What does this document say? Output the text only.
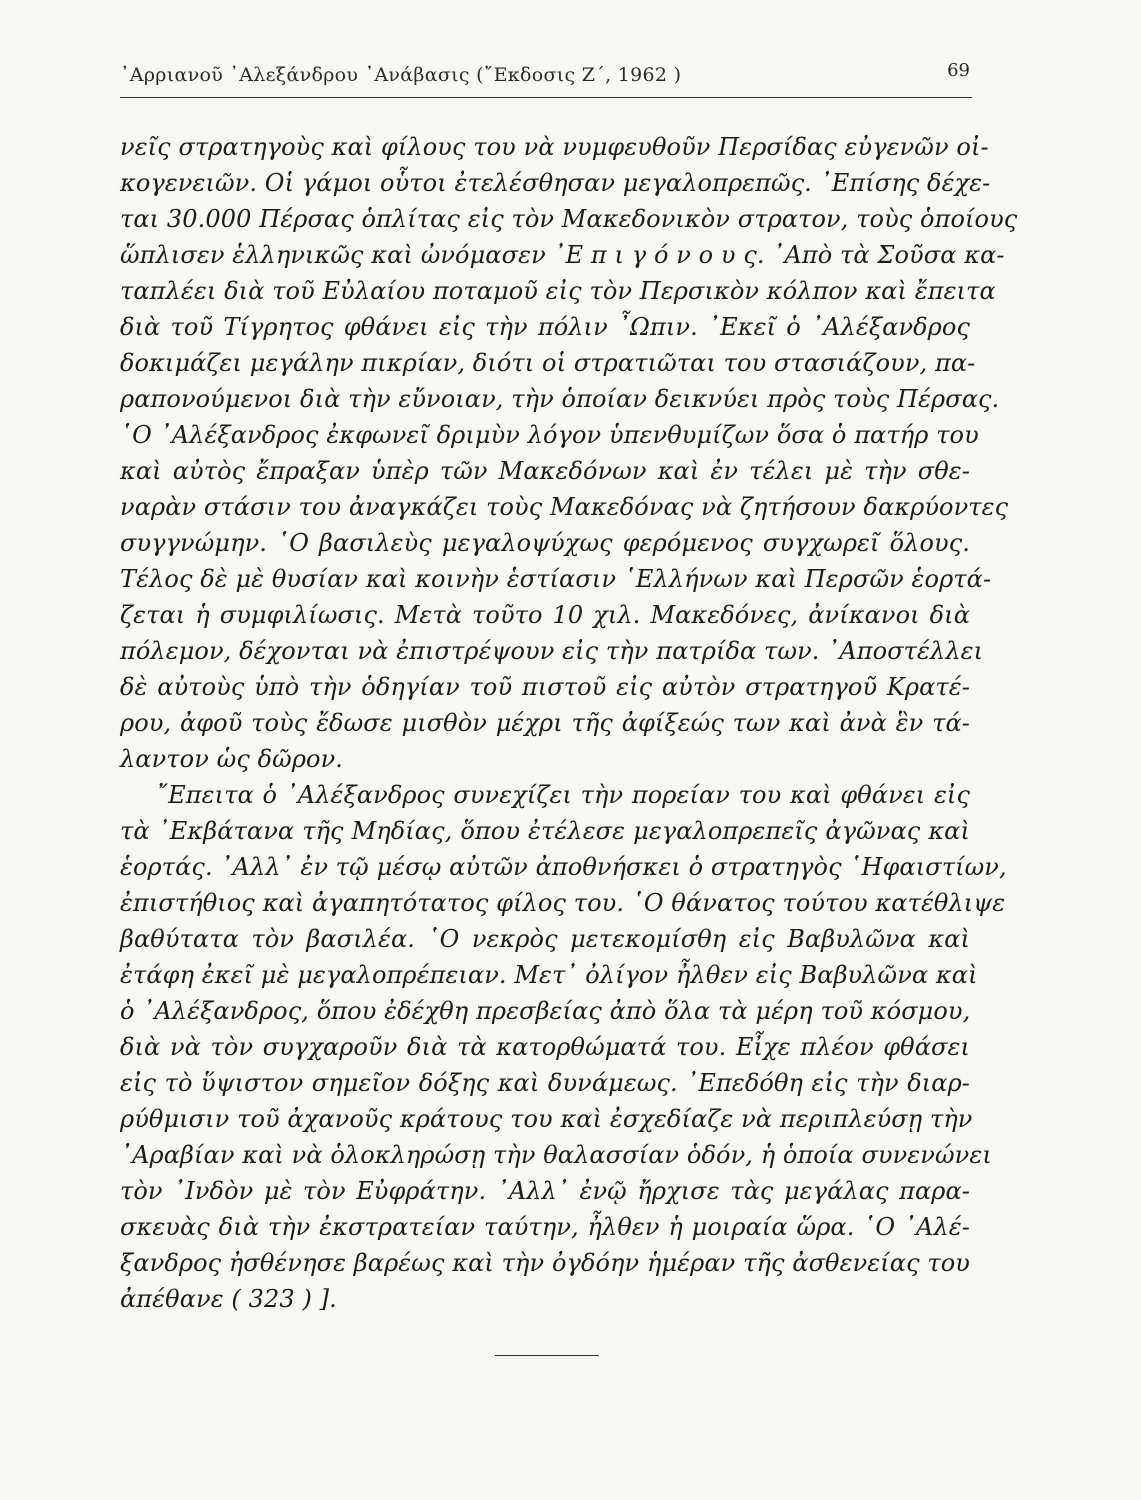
᾽Αρριανοῦ ᾽Αλεξάνδρου ᾽Ανάβασις (῎Εκδοσις Ζ΄, 1962 )	69
νεῖς στρατηγοὺς καὶ φίλους του νὰ νυμφευθοῦν Περσίδας εὐγενῶν οἰ-
κογενειῶν. Οἱ γάμοι οὗτοι ἐτελέσθησαν μεγαλοπρεπῶς. ᾽Επίσης δέχε-
ται 30.000 Πέρσας ὁπλίτας εἰς τὸν Μακεδονικὸν στρατον, τοὺς ὁποίους
ὥπλισεν ἑλληνικῶς καὶ ὠνόμασεν ᾽Ε π ι γ ό ν ο υ ς. ᾽Απὸ τὰ Σοῦσα κα-
ταπλέει διὰ τοῦ Εὐλαίου ποταμοῦ εἰς τὸν Περσικὸν κόλπον καὶ ἔπειτα
διὰ τοῦ Τίγρητος φθάνει εἰς τὴν πόλιν ῏Ωπιν. ᾽Εκεῖ ὁ ᾽Αλέξανδρος
δοκιμάζει μεγάλην πικρίαν, διότι οἱ στρατιῶται του στασιάζουν, πα-
ραπονούμενοι διὰ τὴν εὔνοιαν, τὴν ὁποίαν δεικνύει πρὸς τοὺς Πέρσας.
῾Ο ᾽Αλέξανδρος ἐκφωνεῖ δριμὺν λόγον ὑπενθυμίζων ὅσα ὁ πατήρ του
καὶ αὐτὸς ἔπραξαν ὑπὲρ τῶν Μακεδόνων καὶ ἐν τέλει μὲ τὴν σθε-
ναρὰν στάσιν του ἀναγκάζει τοὺς Μακεδόνας νὰ ζητήσουν δακρύοντες
συγγνώμην. ῾Ο βασιλεὺς μεγαλοψύχως φερόμενος συγχωρεῖ ὅλους.
Τέλος δὲ μὲ θυσίαν καὶ κοινὴν ἑστίασιν ῾Ελλήνων καὶ Περσῶν ἑορτά-
ζεται ἡ συμφιλίωσις. Μετὰ τοῦτο 10 χιλ. Μακεδόνες, ἀνίκανοι διὰ
πόλεμον, δέχονται νὰ ἐπιστρέψουν εἰς τὴν πατρίδα των. ᾽Αποστέλλει
δὲ αὐτοὺς ὑπὸ τὴν ὁδηγίαν τοῦ πιστοῦ εἰς αὐτὸν στρατηγοῦ Κρατέ-
ρου, ἀφοῦ τοὺς ἔδωσε μισθὸν μέχρι τῆς ἀφίξεώς των καὶ ἀνὰ ἓν τά-
λαντον ὡς δῶρον.
῎Επειτα ὁ ᾽Αλέξανδρος συνεχίζει τὴν πορείαν του καὶ φθάνει εἰς
τὰ ᾽Εκβάτανα τῆς Μηδίας, ὅπου ἐτέλεσε μεγαλοπρεπεῖς ἀγῶνας καὶ
ἑορτάς. ᾽Αλλ᾽ ἐν τῷ μέσῳ αὐτῶν ἀποθνήσκει ὁ στρατηγὸς ῾Ηφαιστίων,
ἐπιστήθιος καὶ ἀγαπητότατος φίλος του. ῾Ο θάνατος τούτου κατέθλιψε
βαθύτατα τὸν βασιλέα. ῾Ο νεκρὸς μετεκομίσθη εἰς Βαβυλῶνα καὶ
ἐτάφη ἐκεῖ μὲ μεγαλοπρέπειαν. Μετ᾽ ὀλίγον ἦλθεν εἰς Βαβυλῶνα καὶ
ὁ ᾽Αλέξανδρος, ὅπου ἐδέχθη πρεσβείας ἀπὸ ὅλα τὰ μέρη τοῦ κόσμου,
διὰ νὰ τὸν συγχαροῦν διὰ τὰ κατορθώματά του. Εἶχε πλέον φθάσει
εἰς τὸ ὕψιστον σημεῖον δόξης καὶ δυνάμεως. ᾽Επεδόθη εἰς τὴν διαρ-
ρύθμισιν τοῦ ἀχανοῦς κράτους του καὶ ἐσχεδίαζε νὰ περιπλεύσῃ τὴν
᾽Αραβίαν καὶ νὰ ὁλοκληρώσῃ τὴν θαλασσίαν ὁδόν, ἡ ὁποία συνενώνει
τὸν ᾽Ινδὸν μὲ τὸν Εὐφράτην. ᾽Αλλ᾽ ἐνῷ ἤρχισε τὰς μεγάλας παρα-
σκευὰς διὰ τὴν ἐκστρατείαν ταύτην, ἦλθεν ἡ μοιραία ὥρα. ῾Ο ᾽Αλέ-
ξανδρος ἠσθένησε βαρέως καὶ τὴν ὀγδόην ἡμέραν τῆς ἀσθενείας του
ἀπέθανε ( 323 ) ].
